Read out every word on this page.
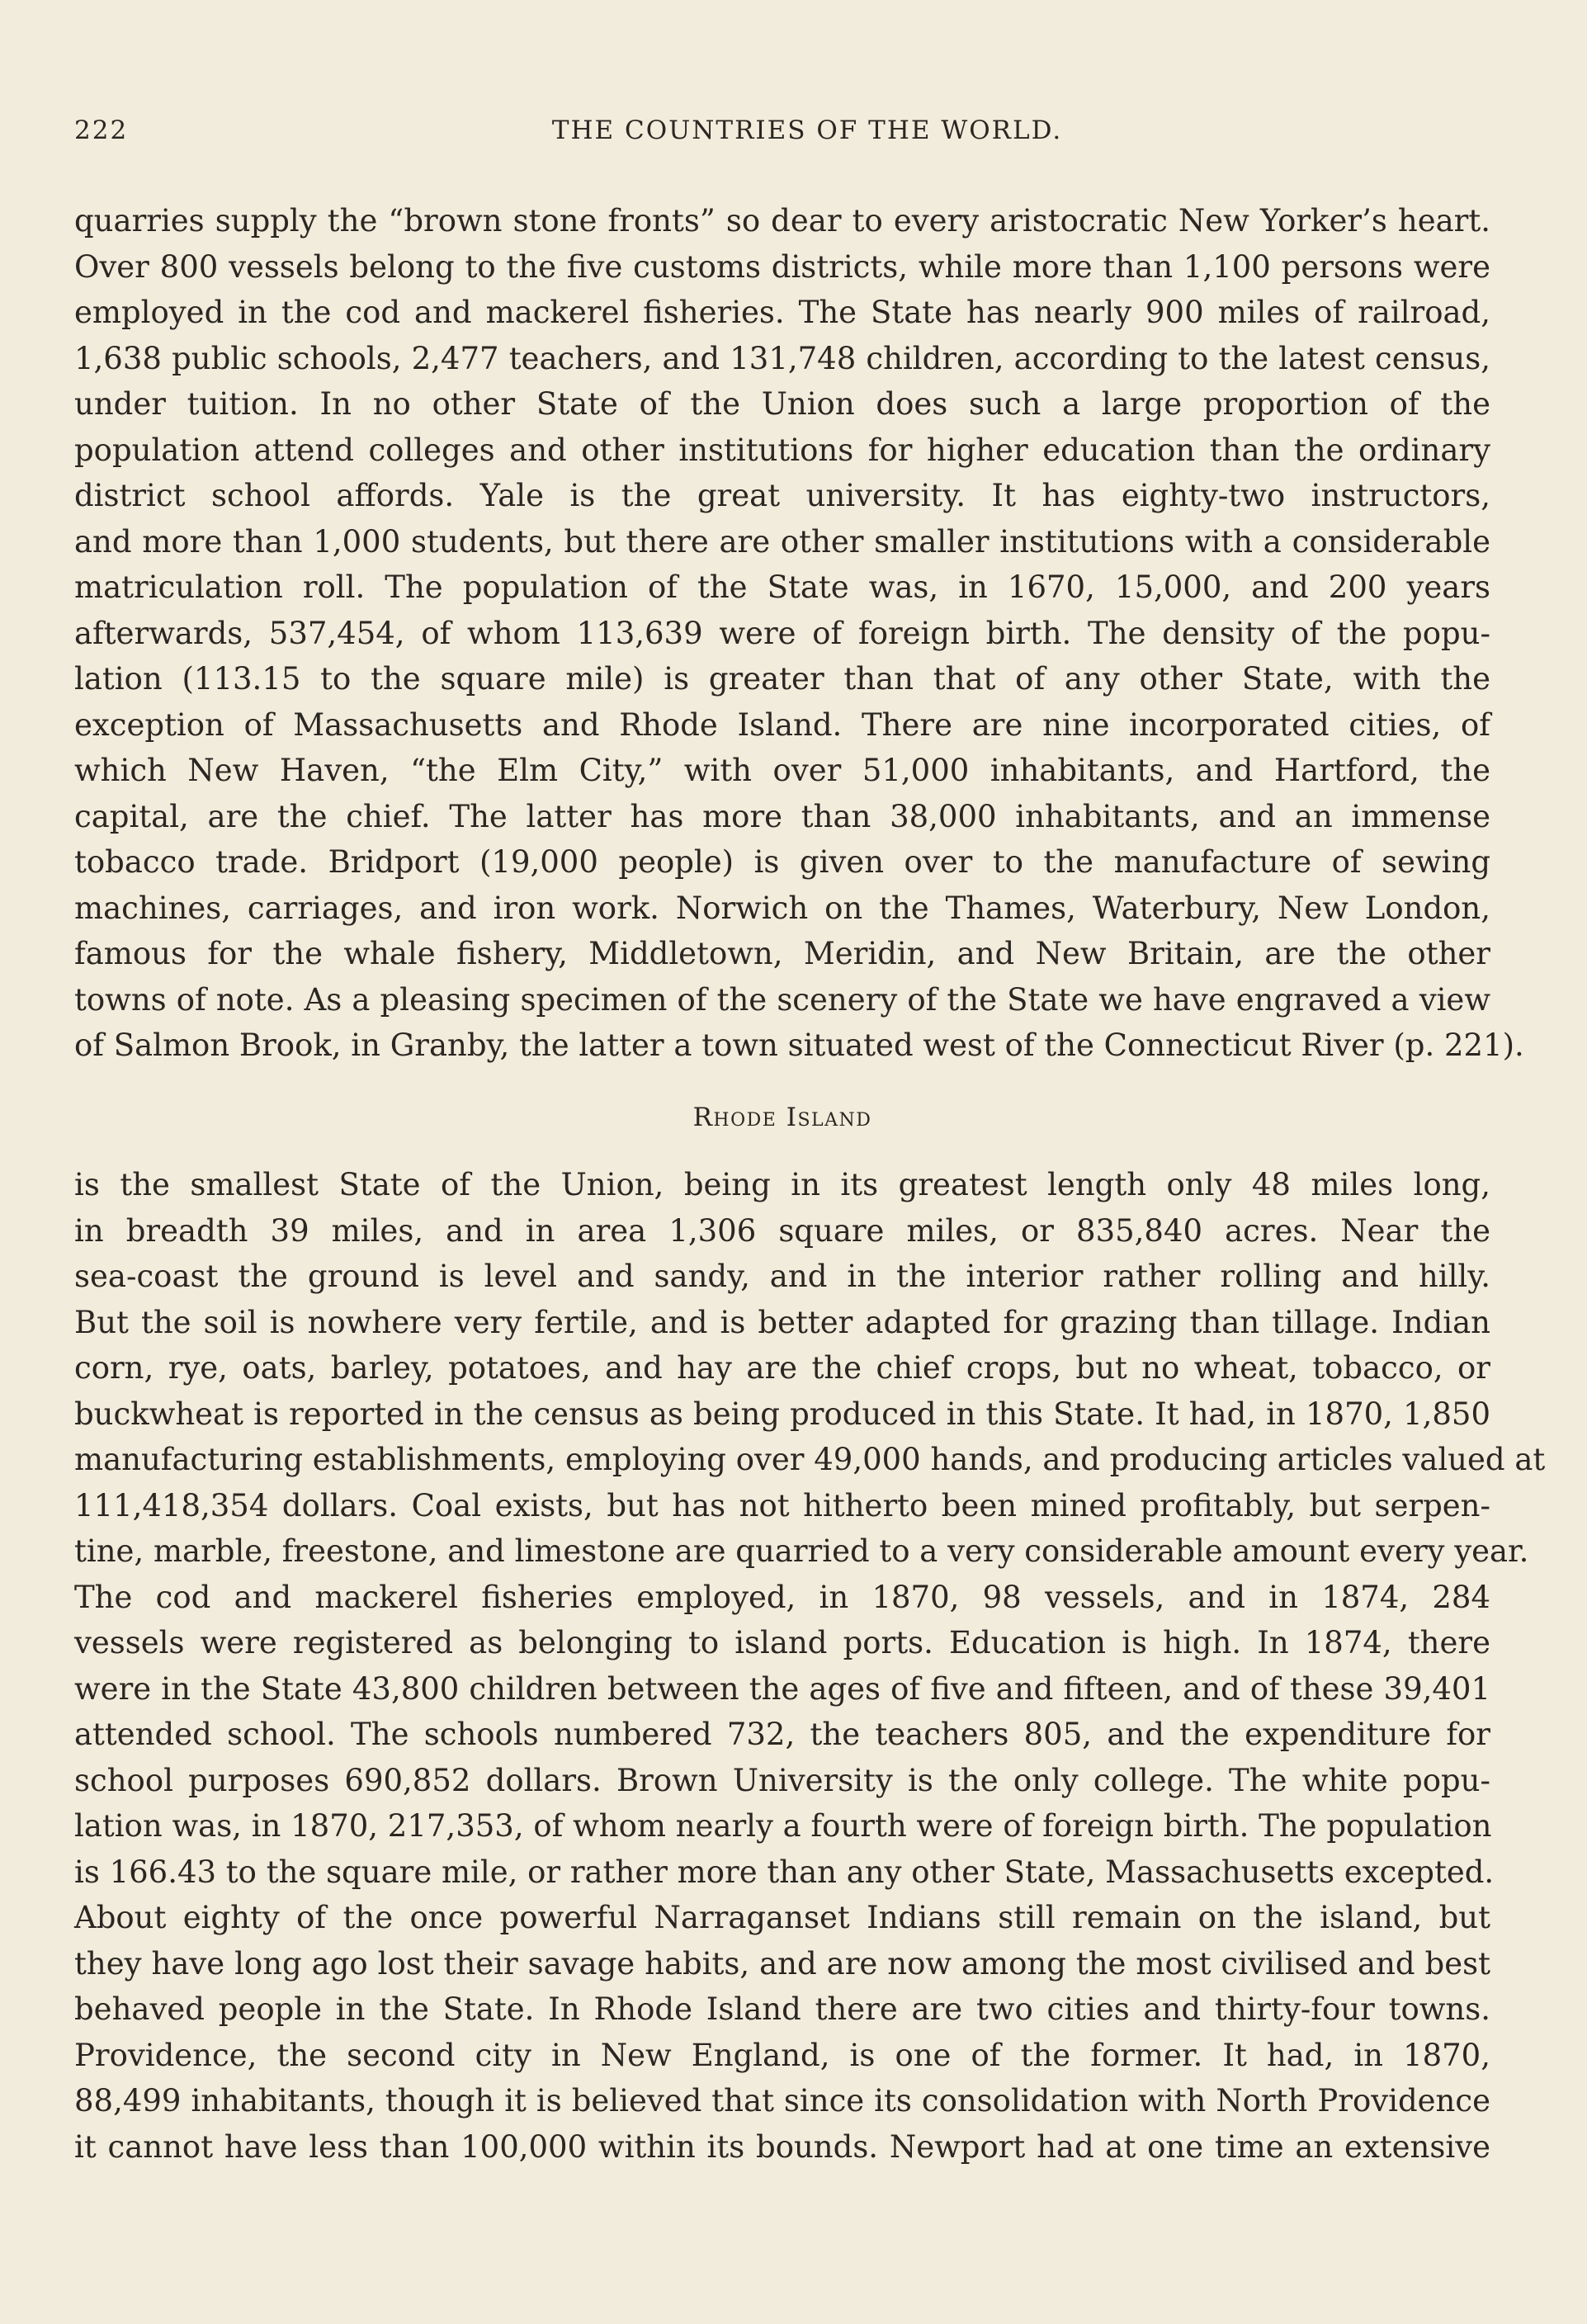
222	THE COUNTRIES OF THE WORLD.
quarries supply the “brown stone fronts” so dear to every aristocratic New Yorker’s heart.
Over 800 vessels belong to the five customs districts, while more than 1,100 persons were
employed in the cod and mackerel fisheries. The State has nearly 900 miles of railroad,
1,638 public schools, 2,477 teachers, and 131,748 children, according to the latest census,
under tuition. In no other State of the Union does such a large proportion of the
population attend colleges and other institutions for higher education than the ordinary
district school affords. Yale is the great university. It has eighty-two instructors,
and more than 1,000 students, but there are other smaller institutions with a considerable
matriculation roll. The population of the State was, in 1670, 15,000, and 200 years
afterwards, 537,454, of whom 113,639 were of foreign birth. The density of the popu-
lation (113.15 to the square mile) is greater than that of any other State, with the
exception of Massachusetts and Rhode Island. There are nine incorporated cities, of
which New Haven, “the Elm City,” with over 51,000 inhabitants, and Hartford, the
capital, are the chief. The latter has more than 38,000 inhabitants, and an immense
tobacco trade. Bridport (19,000 people) is given over to the manufacture of sewing
machines, carriages, and iron work. Norwich on the Thames, Waterbury, New London,
famous for the whale fishery, Middletown, Meridin, and New Britain, are the other
towns of note. As a pleasing specimen of the scenery of the State we have engraved a view
of Salmon Brook, in Granby, the latter a town situated west of the Connecticut River (p. 221).
Rhode Island
is the smallest State of the Union, being in its greatest length only 48 miles long,
in breadth 39 miles, and in area 1,306 square miles, or 835,840 acres. Near the
sea-coast the ground is level and sandy, and in the interior rather rolling and hilly.
But the soil is nowhere very fertile, and is better adapted for grazing than tillage. Indian
corn, rye, oats, barley, potatoes, and hay are the chief crops, but no wheat, tobacco, or
buckwheat is reported in the census as being produced in this State. It had, in 1870, 1,850
manufacturing establishments, employing over 49,000 hands, and producing articles valued at
111,418,354 dollars. Coal exists, but has not hitherto been mined profitably, but serpen-
tine, marble, freestone, and limestone are quarried to a very considerable amount every year.
The cod and mackerel fisheries employed, in 1870, 98 vessels, and in 1874, 284
vessels were registered as belonging to island ports. Education is high. In 1874, there
were in the State 43,800 children between the ages of five and fifteen, and of these 39,401
attended school. The schools numbered 732, the teachers 805, and the expenditure for
school purposes 690,852 dollars. Brown University is the only college. The white popu-
lation was, in 1870, 217,353, of whom nearly a fourth were of foreign birth. The population
is 166.43 to the square mile, or rather more than any other State, Massachusetts excepted.
About eighty of the once powerful Narraganset Indians still remain on the island, but
they have long ago lost their savage habits, and are now among the most civilised and best
behaved people in the State. In Rhode Island there are two cities and thirty-four towns.
Providence, the second city in New England, is one of the former. It had, in 1870,
88,499 inhabitants, though it is believed that since its consolidation with North Providence
it cannot have less than 100,000 within its bounds. Newport had at one time an extensive
